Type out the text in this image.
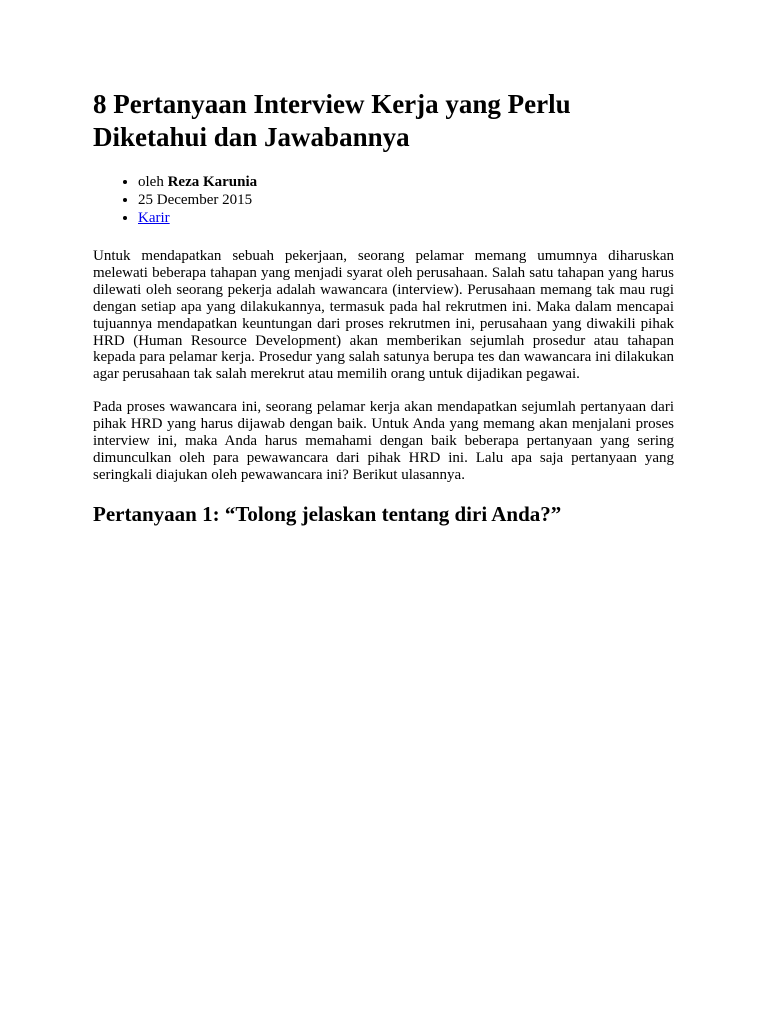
8 Pertanyaan Interview Kerja yang Perlu Diketahui dan Jawabannya
• oleh Reza Karunia
• 25 December 2015
• Karir

Untuk mendapatkan sebuah pekerjaan, seorang pelamar memang umumnya diharuskan melewati beberapa tahapan yang menjadi syarat oleh perusahaan. Salah satu tahapan yang harus dilewati oleh seorang pekerja adalah wawancara (interview). Perusahaan memang tak mau rugi dengan setiap apa yang dilakukannya, termasuk pada hal rekrutmen ini. Maka dalam mencapai tujuannya mendapatkan keuntungan dari proses rekrutmen ini, perusahaan yang diwakili pihak HRD (Human Resource Development) akan memberikan sejumlah prosedur atau tahapan kepada para pelamar kerja. Prosedur yang salah satunya berupa tes dan wawancara ini dilakukan agar perusahaan tak salah merekrut atau memilih orang untuk dijadikan pegawai.

Pada proses wawancara ini, seorang pelamar kerja akan mendapatkan sejumlah pertanyaan dari pihak HRD yang harus dijawab dengan baik. Untuk Anda yang memang akan menjalani proses interview ini, maka Anda harus memahami dengan baik beberapa pertanyaan yang sering dimunculkan oleh para pewawancara dari pihak HRD ini. Lalu apa saja pertanyaan yang seringkali diajukan oleh pewawancara ini? Berikut ulasannya.

Pertanyaan 1: “Tolong jelaskan tentang diri Anda?”
